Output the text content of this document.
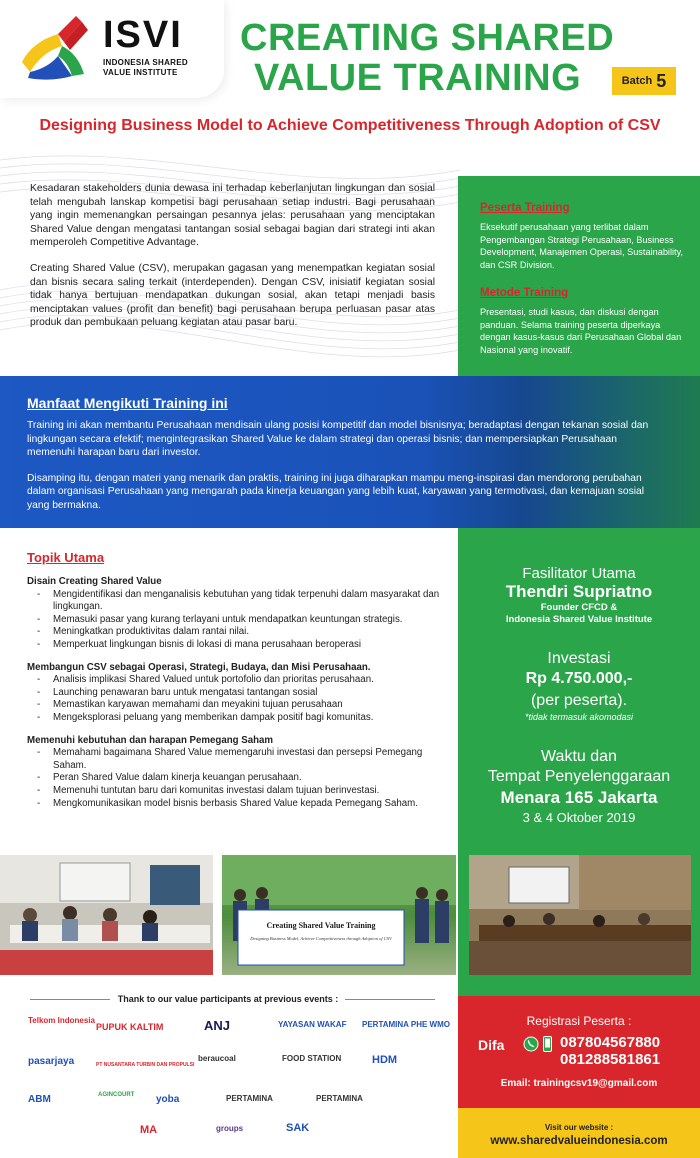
ISVI
INDONESIA SHARED
VALUE INSTITUTE
CREATING SHARED
VALUE TRAINING	Batch 5
Designing Business Model to Achieve Competitiveness Through Adoption of CSV

Kesadaran stakeholders dunia dewasa ini terhadap keberlanjutan lingkungan dan sosial telah mengubah lanskap kompetisi bagi perusahaan setiap industri. Bagi perusahaan yang ingin memenangkan persaingan pesannya jelas: perusahaan yang menciptakan Shared Value dengan mengatasi tantangan sosial sebagai bagian dari strategi inti akan memperoleh Competitive Advantage.

Creating Shared Value (CSV), merupakan gagasan yang menempatkan kegiatan sosial dan bisnis secara saling terkait (interdependen). Dengan CSV, inisiatif kegiatan sosial tidak hanya bertujuan mendapatkan dukungan sosial, akan tetapi menjadi basis menciptakan values (profit dan benefit) bagi perusahaan berupa perluasan pasar atas produk dan pembukaan peluang kegiatan atau pasar baru.

Peserta Training
Eksekutif perusahaan yang terlibat dalam Pengembangan Strategi Perusahaan, Business Development, Manajemen Operasi, Sustainability, dan CSR Division.
Metode Training
Presentasi, studi kasus, dan diskusi dengan panduan. Selama training peserta diperkaya dengan kasus-kasus dari Perusahaan Global dan Nasional yang inovatif.
Manfaat Mengikuti Training ini

Training ini akan membantu Perusahaan mendisain ulang posisi kompetitif dan model bisnisnya; beradaptasi dengan tekanan sosial dan lingkungan secara efektif; mengintegrasikan Shared Value ke dalam strategi dan operasi bisnis; dan mempersiapkan Perusahaan memenuhi harapan baru dari investor.

Disamping itu, dengan materi yang menarik dan praktis, training ini juga diharapkan mampu meng-inspirasi dan mendorong perubahan dalam organisasi Perusahaan yang mengarah pada kinerja keuangan yang lebih kuat, karyawan yang termotivasi, dan kemajuan sosial yang bermakna.

Topik Utama
Disain Creating Shared Value
- Mengidentifikasi dan menganalisis kebutuhan yang tidak terpenuhi dalam masyarakat dan lingkungan.
- Memasuki pasar yang kurang terlayani untuk mendapatkan keuntungan strategis.
- Meningkatkan produktivitas dalam rantai nilai.
- Memperkuat lingkungan bisnis di lokasi di mana perusahaan beroperasi
Membangun CSV sebagai Operasi, Strategi, Budaya, dan Misi Perusahaan.
- Analisis implikasi Shared Valued untuk portofolio dan prioritas perusahaan.
- Launching penawaran baru untuk mengatasi tantangan sosial
- Memastikan karyawan memahami dan meyakini tujuan perusahaan
- Mengeksplorasi peluang yang memberikan dampak positif bagi komunitas.
Memenuhi kebutuhan dan harapan Pemegang Saham
- Memahami bagaimana Shared Value memengaruhi investasi dan persepsi Pemegang Saham.
- Peran Shared Value dalam kinerja keuangan perusahaan.
- Memenuhi tuntutan baru dari komunitas investasi dalam tujuan berinvestasi.
- Mengkomunikasikan model bisnis berbasis Shared Value kepada Pemegang Saham.
Fasilitator Utama
Thendri Supriatno
Founder CFCD &
Indonesia Shared Value Institute
Investasi
Rp 4.750.000,-
(per peserta).
*tidak termasuk akomodasi
Waktu dan
Tempat Penyelenggaraan
Menara 165 Jakarta
3 & 4 Oktober 2019
Creating Shared Value Training
Designing Business Model, Achieve Competitiveness through Adoption of CSV
Thank to our value participants at previous events :
Telkom Indonesia
PUPUK KALTIM	ANJ	YAYASAN WAKAF PERTAMINA PHE WMO
pasarjaya	PT NUSANTARA TURBIN DAN PROPULSI
beraucoal	FOOD STATION	HDM
ABM	AGINCOURT yoba	PERTAMINA	PERTAMINA
MA	groups	SAK
Registrasi Peserta :
Difa	087804567880
081288581861
Email: trainingcsv19@gmail.com
Visit our website :
www.sharedvalueindonesia.com
